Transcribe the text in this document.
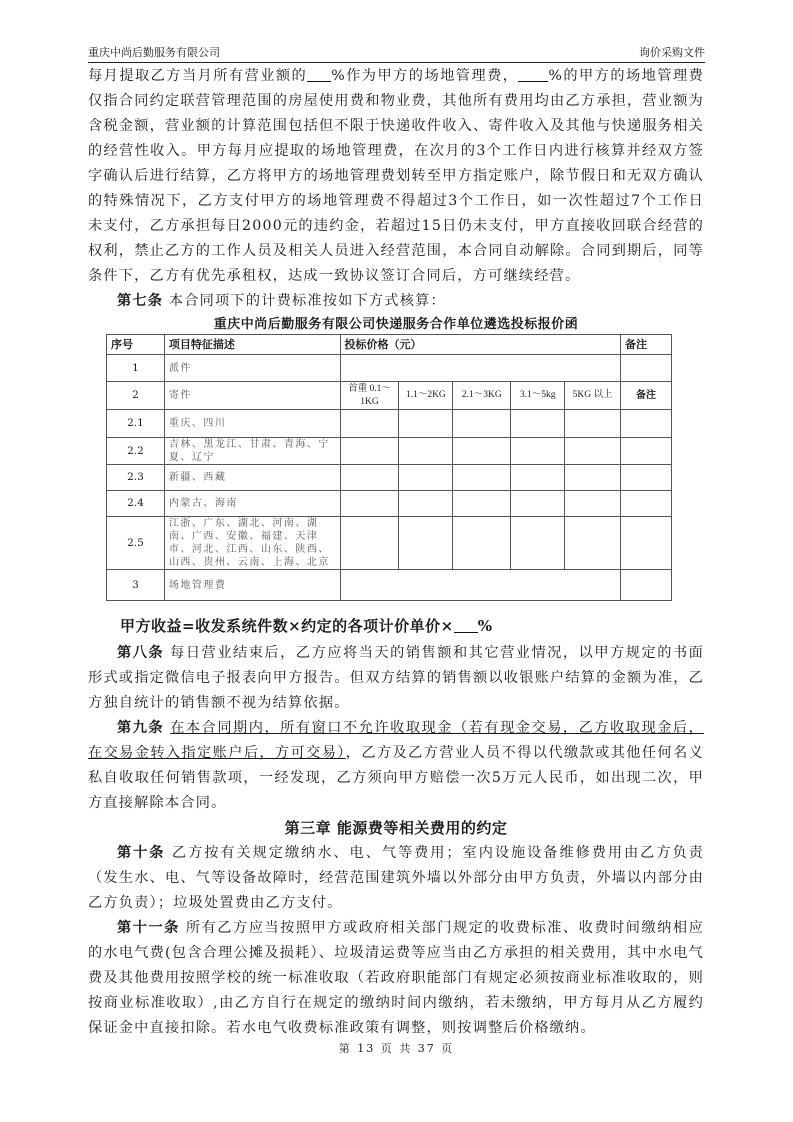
重庆中尚后勤服务有限公司	询价采购文件

每月提取乙方当月所有营业额的 %作为甲方的场地管理费， %的甲方的场地管理费仅指合同约定联营管理范围的房屋使用费和物业费，其他所有费用均由乙方承担，营业额为含税金额，营业额的计算范围包括但不限于快递收件收入、寄件收入及其他与快递服务相关的经营性收入。甲方每月应提取的场地管理费，在次月的3个工作日内进行核算并经双方签字确认后进行结算，乙方将甲方的场地管理费划转至甲方指定账户，除节假日和无双方确认的特殊情况下，乙方支付甲方的场地管理费不得超过3个工作日，如一次性超过7个工作日未支付，乙方承担每日2000元的违约金，若超过15日仍未支付，甲方直接收回联合经营的权利，禁止乙方的工作人员及相关人员进入经营范围，本合同自动解除。合同到期后，同等条件下，乙方有优先承租权，达成一致协议签订合同后，方可继续经营。

第七条 本合同项下的计费标准按如下方式核算：

重庆中尚后勤服务有限公司快递服务合作单位遴选投标报价函
序号	项目特征描述	投标价格（元）					备注
1	派件						
2	寄件	首重 0.1～1KG	1.1～2KG	2.1～3KG	3.1～5kg	5KG 以上	备注
2.1	重庆、四川						
2.2	吉林、黑龙江、甘肃、青海、宁夏、辽宁						
2.3	新疆、西藏						
2.4	内蒙古、海南						
2.5	江浙、广东、湖北、河南、湖南、广西、安徽、福建、天津市、河北、江西、山东、陕西、山西、贵州、云南、上海、北京						
3	场地管理费						
甲方收益=收发系统件数×约定的各项计价单价× %

第八条 每日营业结束后，乙方应将当天的销售额和其它营业情况，以甲方规定的书面形式或指定微信电子报表向甲方报告。但双方结算的销售额以收银账户结算的金额为准，乙方独自统计的销售额不视为结算依据。

第九条 在本合同期内，所有窗口不允许收取现金（若有现金交易，乙方收取现金后，在交易金转入指定账户后，方可交易），乙方及乙方营业人员不得以代缴款或其他任何名义私自收取任何销售款项，一经发现，乙方须向甲方赔偿一次5万元人民币，如出现二次，甲方直接解除本合同。

第三章 能源费等相关费用的约定

第十条 乙方按有关规定缴纳水、电、气等费用；室内设施设备维修费用由乙方负责（发生水、电、气等设备故障时，经营范围建筑外墙以外部分由甲方负责，外墙以内部分由乙方负责）；垃圾处置费由乙方支付。

第十一条 所有乙方应当按照甲方或政府相关部门规定的收费标准、收费时间缴纳相应的水电气费(包含合理公摊及损耗）、垃圾清运费等应当由乙方承担的相关费用，其中水电气费及其他费用按照学校的统一标准收取（若政府职能部门有规定必须按商业标准收取的，则按商业标准收取）,由乙方自行在规定的缴纳时间内缴纳，若未缴纳，甲方每月从乙方履约保证金中直接扣除。若水电气收费标准政策有调整，则按调整后价格缴纳。

第 13 页 共 37 页
